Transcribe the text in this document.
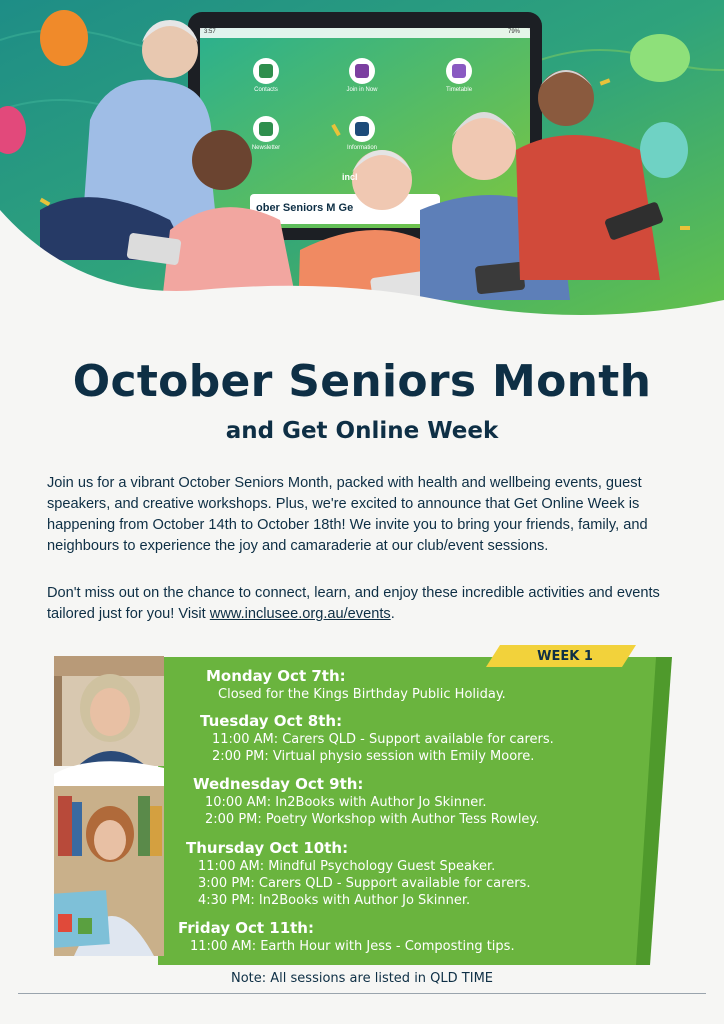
3:57	79%
Contacts	Join in Now	Timetable
Newsletter	Information
incl
ober Seniors M Ge
October Seniors Month
and Get Online Week

Join us for a vibrant October Seniors Month, packed with health and wellbeing events, guest speakers, and creative workshops. Plus, we're excited to announce that Get Online Week is happening from October 14th to October 18th! We invite you to bring your friends, family, and neighbours to experience the joy and camaraderie at our club/event sessions.

Don't miss out on the chance to connect, learn, and enjoy these incredible activities and events tailored just for you! Visit www.inclusee.org.au/events.

WEEK 1
Monday Oct 7th:
Closed for the Kings Birthday Public Holiday.
Tuesday Oct 8th:
11:00 AM: Carers QLD - Support available for carers.
2:00 PM: Virtual physio session with Emily Moore.
Wednesday Oct 9th:
10:00 AM: In2Books with Author Jo Skinner.
2:00 PM: Poetry Workshop with Author Tess Rowley.
Thursday Oct 10th:
11:00 AM: Mindful Psychology Guest Speaker.
3:00 PM: Carers QLD - Support available for carers.
4:30 PM: In2Books with Author Jo Skinner.
Friday Oct 11th:
11:00 AM: Earth Hour with Jess - Composting tips.
Note: All sessions are listed in QLD TIME
